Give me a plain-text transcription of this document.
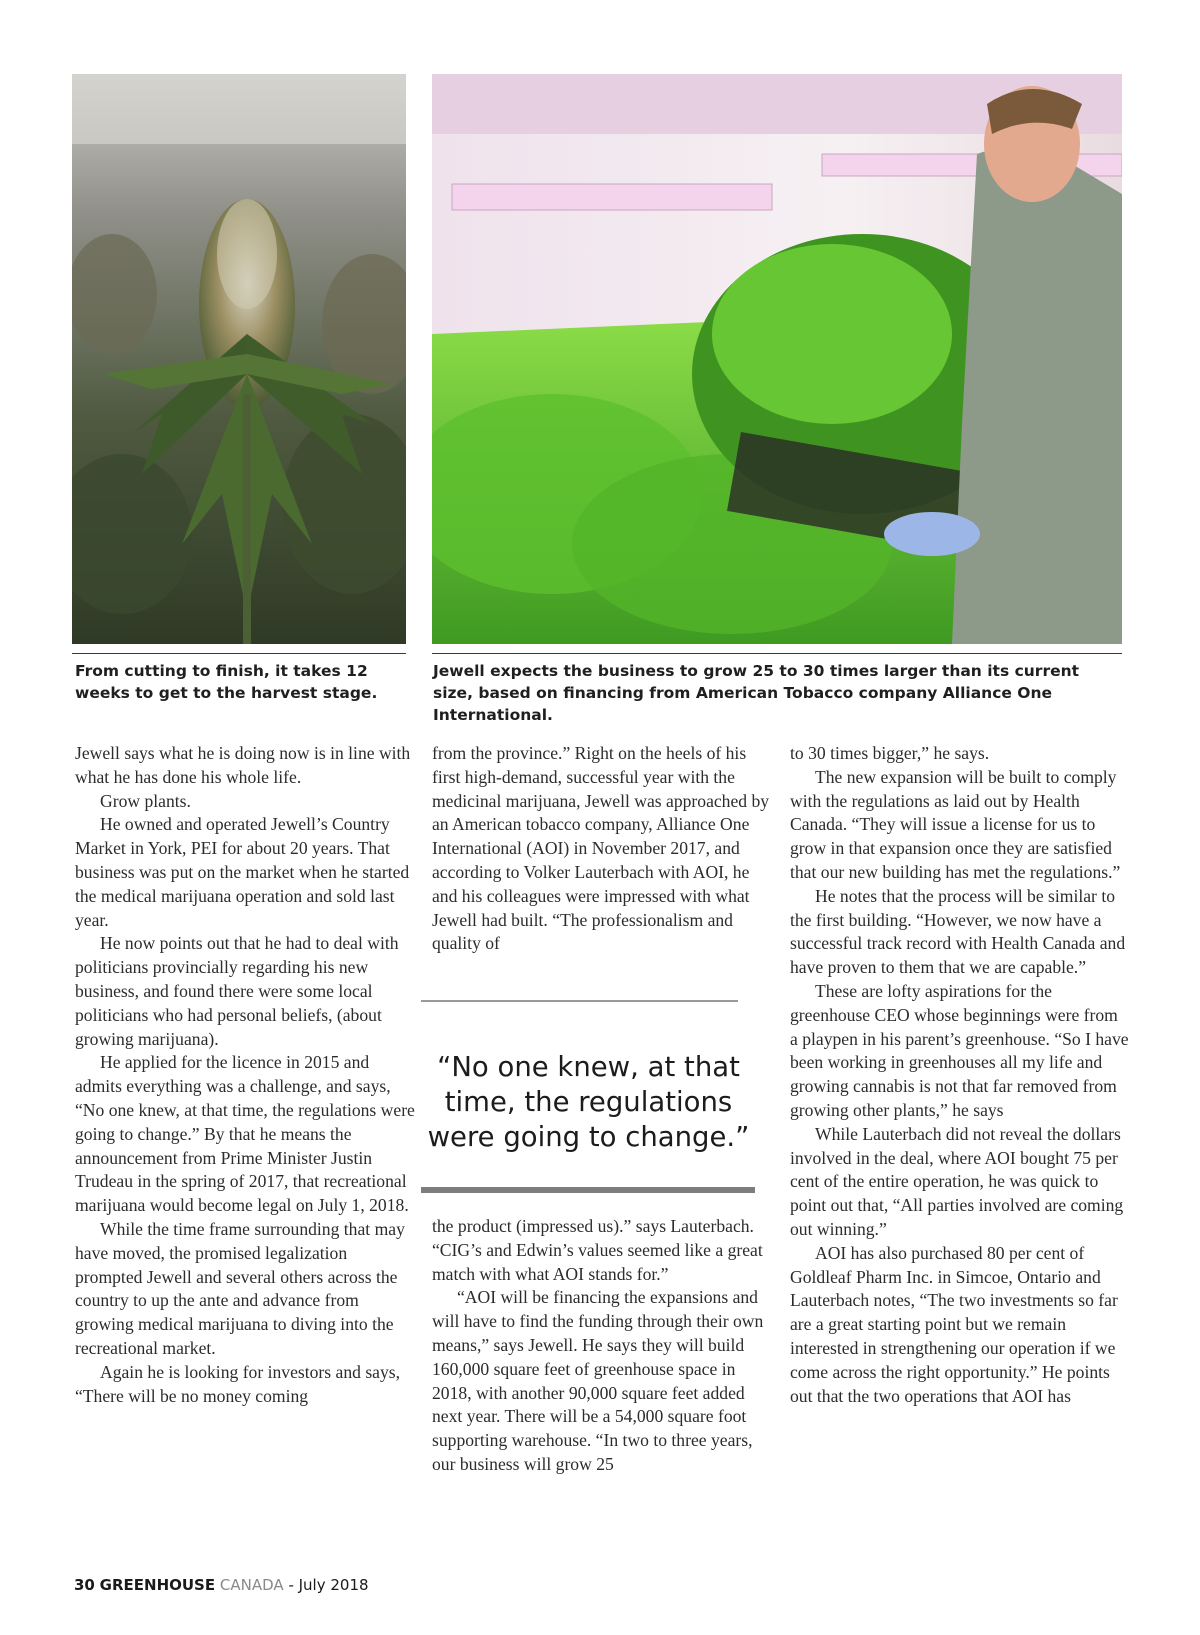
From cutting to finish, it takes 12 weeks to get to the harvest stage.
Jewell expects the business to grow 25 to 30 times larger than its current size, based on financing from American Tobacco company Alliance One International.

Jewell says what he is doing now is in line with what he has done his whole life.

Grow plants.

He owned and operated Jewell’s Country Market in York, PEI for about 20 years. That business was put on the market when he started the medical marijuana operation and sold last year.

He now points out that he had to deal with politicians provincially regarding his new business, and found there were some local politicians who had personal beliefs, (about growing marijuana).

He applied for the licence in 2015 and admits everything was a challenge, and says, “No one knew, at that time, the regulations were going to change.” By that he means the announcement from Prime Minister Justin Trudeau in the spring of 2017, that recreational marijuana would become legal on July 1, 2018.

While the time frame surrounding that may have moved, the promised legalization prompted Jewell and several others across the country to up the ante and advance from growing medical marijuana to diving into the recreational market.

Again he is looking for investors and says, “There will be no money coming

from the province.” Right on the heels of his first high-demand, successful year with the medicinal marijuana, Jewell was approached by an American tobacco company, Alliance One International (AOI) in November 2017, and according to Volker Lauterbach with AOI, he and his colleagues were impressed with what Jewell had built. “The professionalism and quality of

“No one knew, at that time, the regulations were going to change.”

the product (impressed us).” says Lauterbach. “CIG’s and Edwin’s values seemed like a great match with what AOI stands for.”

“AOI will be financing the expansions and will have to find the funding through their own means,” says Jewell. He says they will build 160,000 square feet of greenhouse space in 2018, with another 90,000 square feet added next year. There will be a 54,000 square foot supporting warehouse. “In two to three years, our business will grow 25

to 30 times bigger,” he says.

The new expansion will be built to comply with the regulations as laid out by Health Canada. “They will issue a license for us to grow in that expansion once they are satisfied that our new building has met the regulations.”

He notes that the process will be similar to the first building. “However, we now have a successful track record with Health Canada and have proven to them that we are capable.”

These are lofty aspirations for the greenhouse CEO whose beginnings were from a playpen in his parent’s greenhouse. “So I have been working in greenhouses all my life and growing cannabis is not that far removed from growing other plants,” he says

While Lauterbach did not reveal the dollars involved in the deal, where AOI bought 75 per cent of the entire operation, he was quick to point out that, “All parties involved are coming out winning.”

AOI has also purchased 80 per cent of Goldleaf Pharm Inc. in Simcoe, Ontario and Lauterbach notes, “The two investments so far are a great starting point but we remain interested in strengthening our operation if we come across the right opportunity.” He points out that the two operations that AOI has

30 GREENHOUSE CANADA - July 2018
